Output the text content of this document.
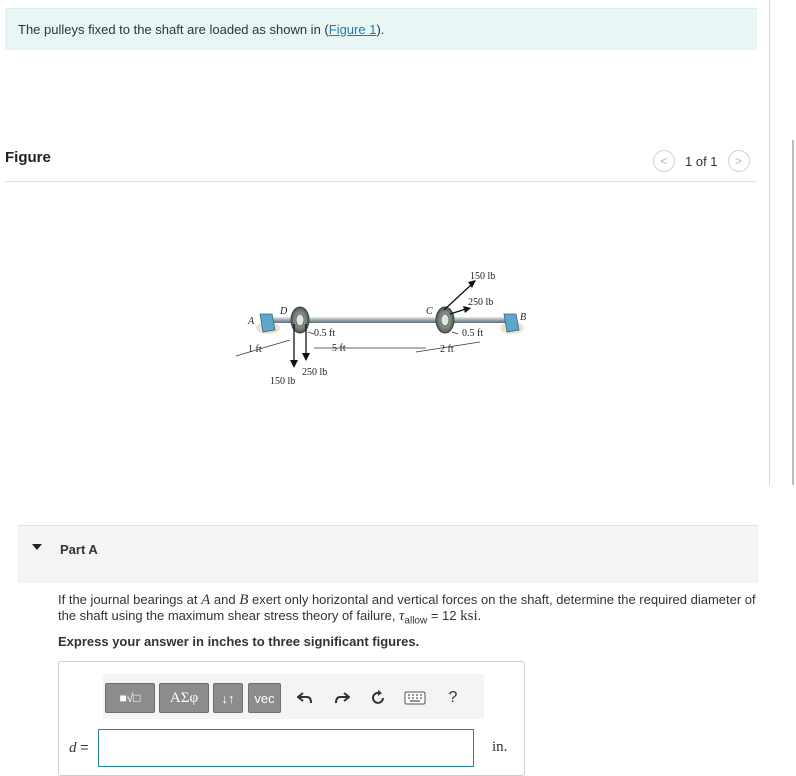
The pulleys fixed to the shaft are loaded as shown in (Figure 1).
Figure	<	1 of 1	>
A
D	C
B
150 lb
250 lb
0.5 ft
2 ft
0.5 ft
5 ft
1 ft
250 lb
150 lb
Part A
If the journal bearings at A and B exert only horizontal and vertical forces on the shaft, determine the required diameter of the shaft using the maximum shear stress theory of failure, $\tau_{allow} = 12$ ksi.
Express your answer in inches to three significant figures.
■√□	ΑΣφ	↓↑	vec	?
d =	in.
